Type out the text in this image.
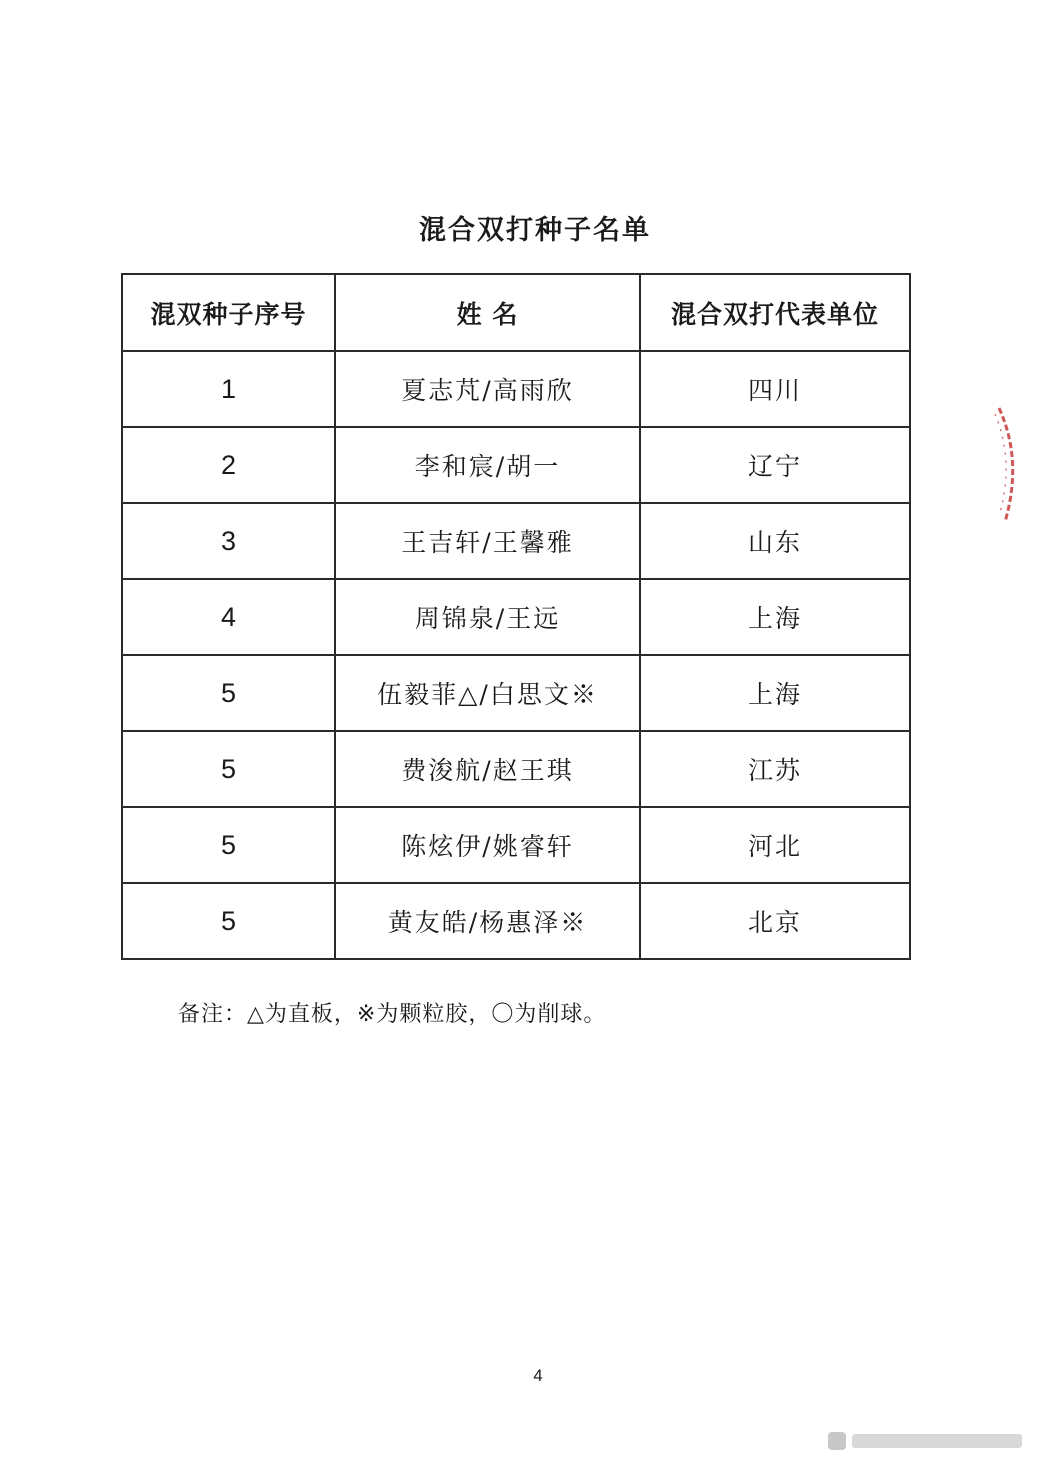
混合双打种子名单
混双种子序号	姓 名	混合双打代表单位
1	夏志芃/高雨欣	四川
2	李和宸/胡一	辽宁
3	王吉轩/王馨雅	山东
4	周锦泉/王远	上海
5	伍毅菲△/白思文※	上海
5	费浚航/赵王琪	江苏
5	陈炫伊/姚睿轩	河北
5	黄友皓/杨惠泽※	北京
备注：△为直板，※为颗粒胶，〇为削球。
4
